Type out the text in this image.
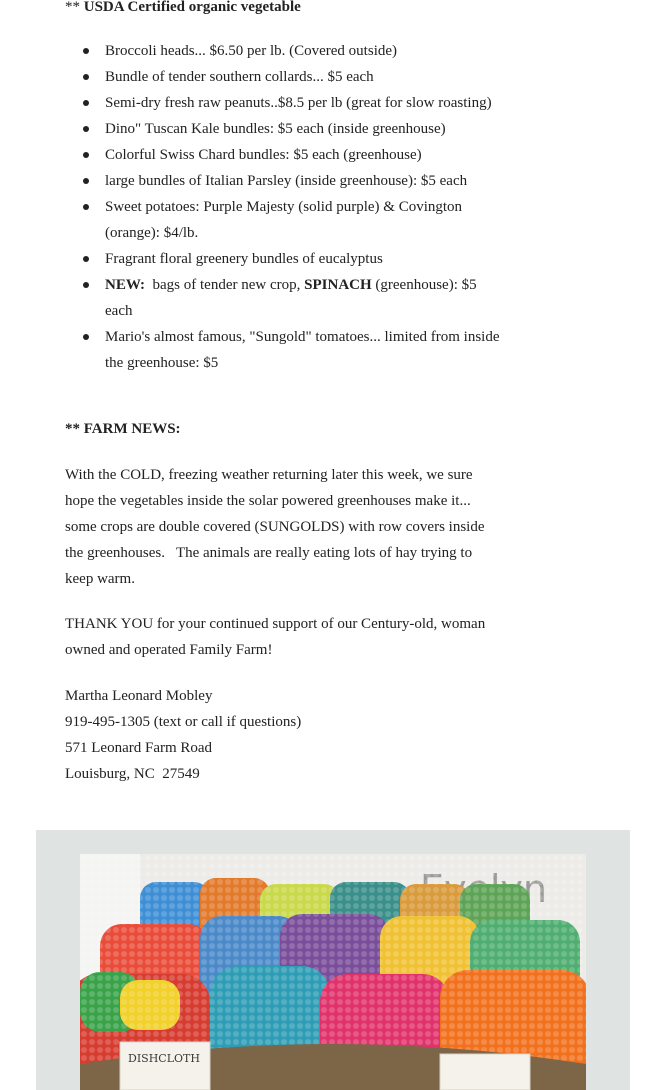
** USDA Certified organic vegetable
Broccoli heads... $6.50 per lb. (Covered outside)
Bundle of tender southern collards... $5 each
Semi-dry fresh raw peanuts..$8.5 per lb (great for slow roasting)
Dino" Tuscan Kale bundles: $5 each (inside greenhouse)
Colorful Swiss Chard bundles: $5 each (greenhouse)
large bundles of Italian Parsley (inside greenhouse): $5 each
Sweet potatoes: Purple Majesty (solid purple) & Covington
(orange): $4/lb.
Fragrant floral greenery bundles of eucalyptus
NEW:  bags of tender new crop, SPINACH (greenhouse): $5
each
Mario's almost famous, "Sungold" tomatoes... limited from inside
the greenhouse: $5
** FARM NEWS:
With the COLD, freezing weather returning later this week, we sure
hope the vegetables inside the solar powered greenhouses make it...
some crops are double covered (SUNGOLDS) with row covers inside
the greenhouses.   The animals are really eating lots of hay trying to
keep warm.
THANK YOU for your continued support of our Century-old, woman
owned and operated Family Farm!
Martha Leonard Mobley
919-495-1305 (text or call if questions)
571 Leonard Farm Road
Louisburg, NC  27549
DISHCLOTH
